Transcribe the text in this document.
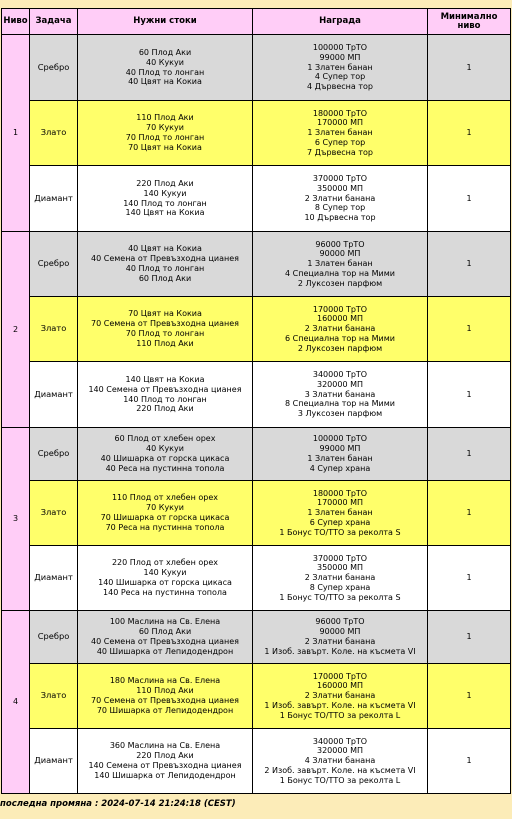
Ниво	Задача	Нужни стоки	Награда	Минимално ниво
1	Сребро	60 Плод Аки
40 Кукуи
40 Плод то лонган
40 Цвят на Кокиа	100000 ТрТО
99000 МП
1 Златен банан
4 Супер тор
4 Дървесна тор	1
	Злато	110 Плод Аки
70 Кукуи
70 Плод то лонган
70 Цвят на Кокиа	180000 ТрТО
170000 МП
1 Златен банан
6 Супер тор
7 Дървесна тор	1
	Диамант	220 Плод Аки
140 Кукуи
140 Плод то лонган
140 Цвят на Кокиа	370000 ТрТО
350000 МП
2 Златни банана
8 Супер тор
10 Дървесна тор	1
2	Сребро	40 Цвят на Кокиа
40 Семена от Превъзходна цианея
40 Плод то лонган
60 Плод Аки	96000 ТрТО
90000 МП
1 Златен банан
4 Специална тор на Мими
2 Луксозен парфюм	1
	Злато	70 Цвят на Кокиа
70 Семена от Превъзходна цианея
70 Плод то лонган
110 Плод Аки	170000 ТрТО
160000 МП
2 Златни банана
6 Специална тор на Мими
2 Луксозен парфюм	1
	Диамант	140 Цвят на Кокиа
140 Семена от Превъзходна цианея
140 Плод то лонган
220 Плод Аки	340000 ТрТО
320000 МП
3 Златни банана
8 Специална тор на Мими
3 Луксозен парфюм	1
3	Сребро	60 Плод от хлебен орех
40 Кукуи
40 Шишарка от горска цикаса
40 Реса на пустинна топола	100000 ТрТО
99000 МП
1 Златен банан
4 Супер храна	1
	Злато	110 Плод от хлебен орех
70 Кукуи
70 Шишарка от горска цикаса
70 Реса на пустинна топола	180000 ТрТО
170000 МП
1 Златен банан
6 Супер храна
1 Бонус ТО/ТТО за реколта S	1
	Диамант	220 Плод от хлебен орех
140 Кукуи
140 Шишарка от горска цикаса
140 Реса на пустинна топола	370000 ТрТО
350000 МП
2 Златни банана
8 Супер храна
1 Бонус ТО/ТТО за реколта S	1
4	Сребро	100 Маслина на Св. Елена
60 Плод Аки
40 Семена от Превъзходна цианея
40 Шишарка от Лепидодендрон	96000 ТрТО
90000 МП
2 Златни банана
1 Изоб. завърт. Коле. на късмета VI	1
	Злато	180 Маслина на Св. Елена
110 Плод Аки
70 Семена от Превъзходна цианея
70 Шишарка от Лепидодендрон	170000 ТрТО
160000 МП
2 Златни банана
1 Изоб. завърт. Коле. на късмета VI
1 Бонус ТО/ТТО за реколта L	1
	Диамант	360 Маслина на Св. Елена
220 Плод Аки
140 Семена от Превъзходна цианея
140 Шишарка от Лепидодендрон	340000 ТрТО
320000 МП
4 Златни банана
2 Изоб. завърт. Коле. на късмета VI
1 Бонус ТО/ТТО за реколта L	1
последна промяна : 2024-07-14 21:24:18 (CEST)
